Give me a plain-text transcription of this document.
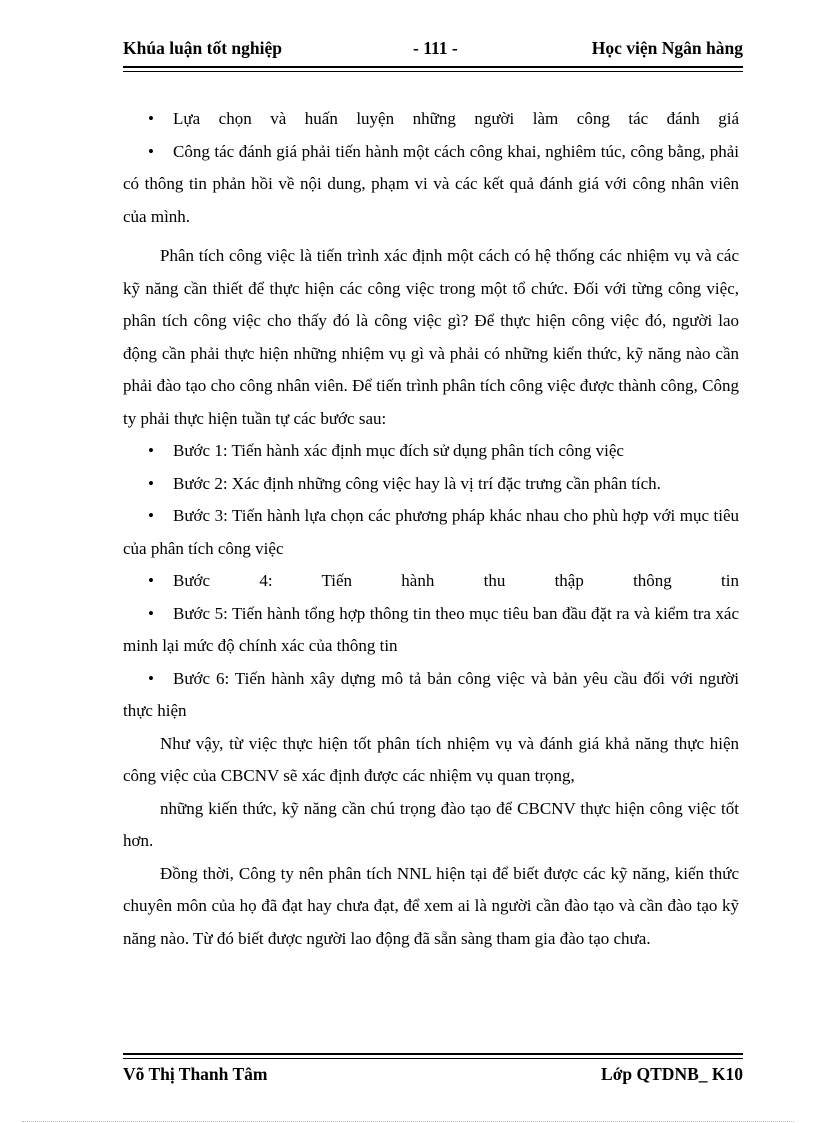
Khúa luận tốt nghiệp	- 111 -	Học viện Ngân hàng

• Lựa chọn và huấn luyện những người làm công tác đánh giá

• Công tác đánh giá phải tiến hành một cách công khai, nghiêm túc, công bằng, phải có thông tin phản hồi về nội dung, phạm vi và các kết quả đánh giá với công nhân viên của mình.

Phân tích công việc là tiến trình xác định một cách có hệ thống các nhiệm vụ và các kỹ năng cần thiết để thực hiện các công việc trong một tổ chức. Đối với từng công việc, phân tích công việc cho thấy đó là công việc gì? Để thực hiện công việc đó, người lao động cần phải thực hiện những nhiệm vụ gì và phải có những kiến thức, kỹ năng nào cần phải đào tạo cho công nhân viên. Để tiến trình phân tích công việc được thành công, Công ty phải thực hiện tuần tự các bước sau:

• Bước 1: Tiến hành xác định mục đích sử dụng phân tích công việc

• Bước 2: Xác định những công việc hay là vị trí đặc trưng cần phân tích.

• Bước 3: Tiến hành lựa chọn các phương pháp khác nhau cho phù hợp với mục tiêu của phân tích công việc

• Bước 4: Tiến hành thu thập thông tin

• Bước 5: Tiến hành tổng hợp thông tin theo mục tiêu ban đầu đặt ra và kiểm tra xác minh lại mức độ chính xác của thông tin

• Bước 6: Tiến hành xây dựng mô tả bản công việc và bản yêu cầu đối với người thực hiện

Như vậy, từ việc thực hiện tốt phân tích nhiệm vụ và đánh giá khả năng thực hiện công việc của CBCNV sẽ xác định được các nhiệm vụ quan trọng,

những kiến thức, kỹ năng cần chú trọng đào tạo để CBCNV thực hiện công việc tốt hơn.

Đồng thời, Công ty nên phân tích NNL hiện tại để biết được các kỹ năng, kiến thức chuyên môn của họ đã đạt hay chưa đạt, để xem ai là người cần đào tạo và cần đào tạo kỹ năng nào. Từ đó biết được người lao động đã sẵn sàng tham gia đào tạo chưa.

Võ Thị Thanh Tâm	Lớp QTDNB_ K10
